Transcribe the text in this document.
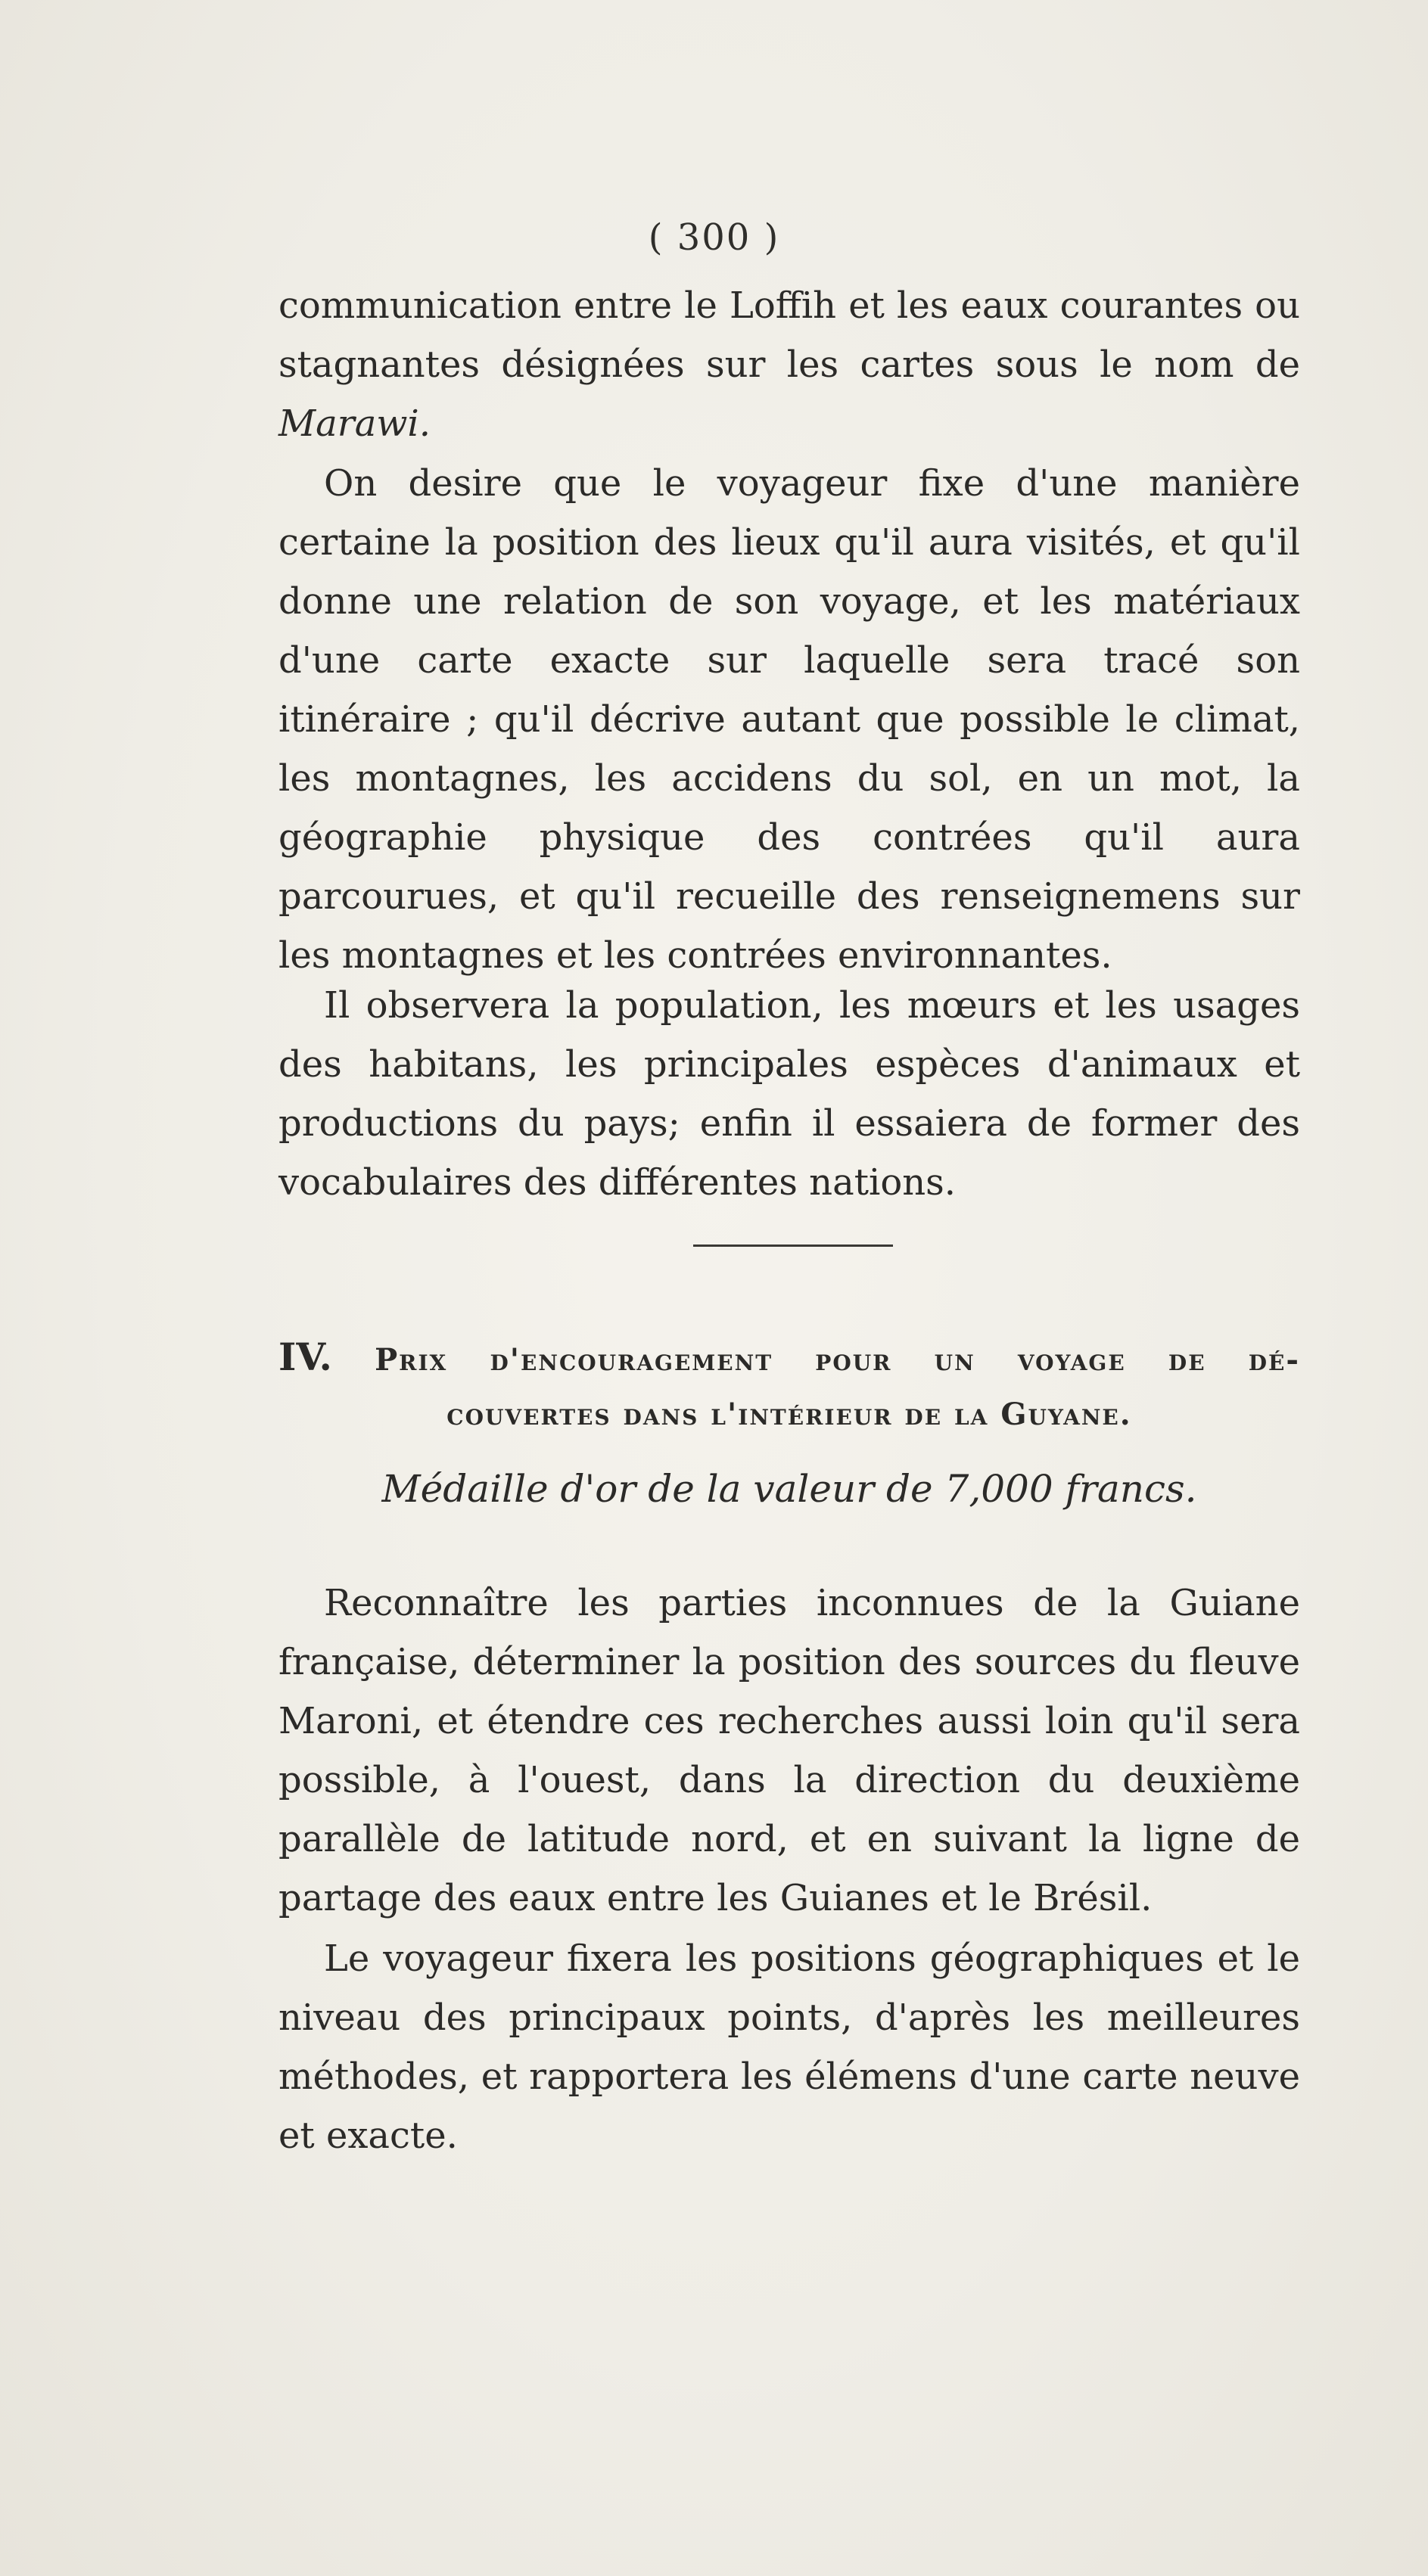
( 300 )

communication entre le Loffih et les eaux courantes ou stagnantes désignées sur les cartes sous le nom de Marawi.

On desire que le voyageur fixe d'une manière certaine la position des lieux qu'il aura visités, et qu'il donne une relation de son voyage, et les matériaux d'une carte exacte sur laquelle sera tracé son itinéraire ; qu'il décrive autant que possible le climat, les montagnes, les accidens du sol, en un mot, la géographie physique des contrées qu'il aura parcourues, et qu'il recueille des renseignemens sur les montagnes et les contrées environnantes.

Il observera la population, les mœurs et les usages des habitans, les principales espèces d'animaux et productions du pays; enfin il essaiera de former des vocabulaires des différentes nations.

IV. Prix d'encouragement pour un voyage de dé-
couvertes dans l'intérieur de la Guyane.
Médaille d'or de la valeur de 7,000 francs.

Reconnaître les parties inconnues de la Guiane française, déterminer la position des sources du fleuve Maroni, et étendre ces recherches aussi loin qu'il sera possible, à l'ouest, dans la direction du deuxième parallèle de latitude nord, et en suivant la ligne de partage des eaux entre les Guianes et le Brésil.

Le voyageur fixera les positions géographiques et le niveau des principaux points, d'après les meilleures méthodes, et rapportera les élémens d'une carte neuve et exacte.
